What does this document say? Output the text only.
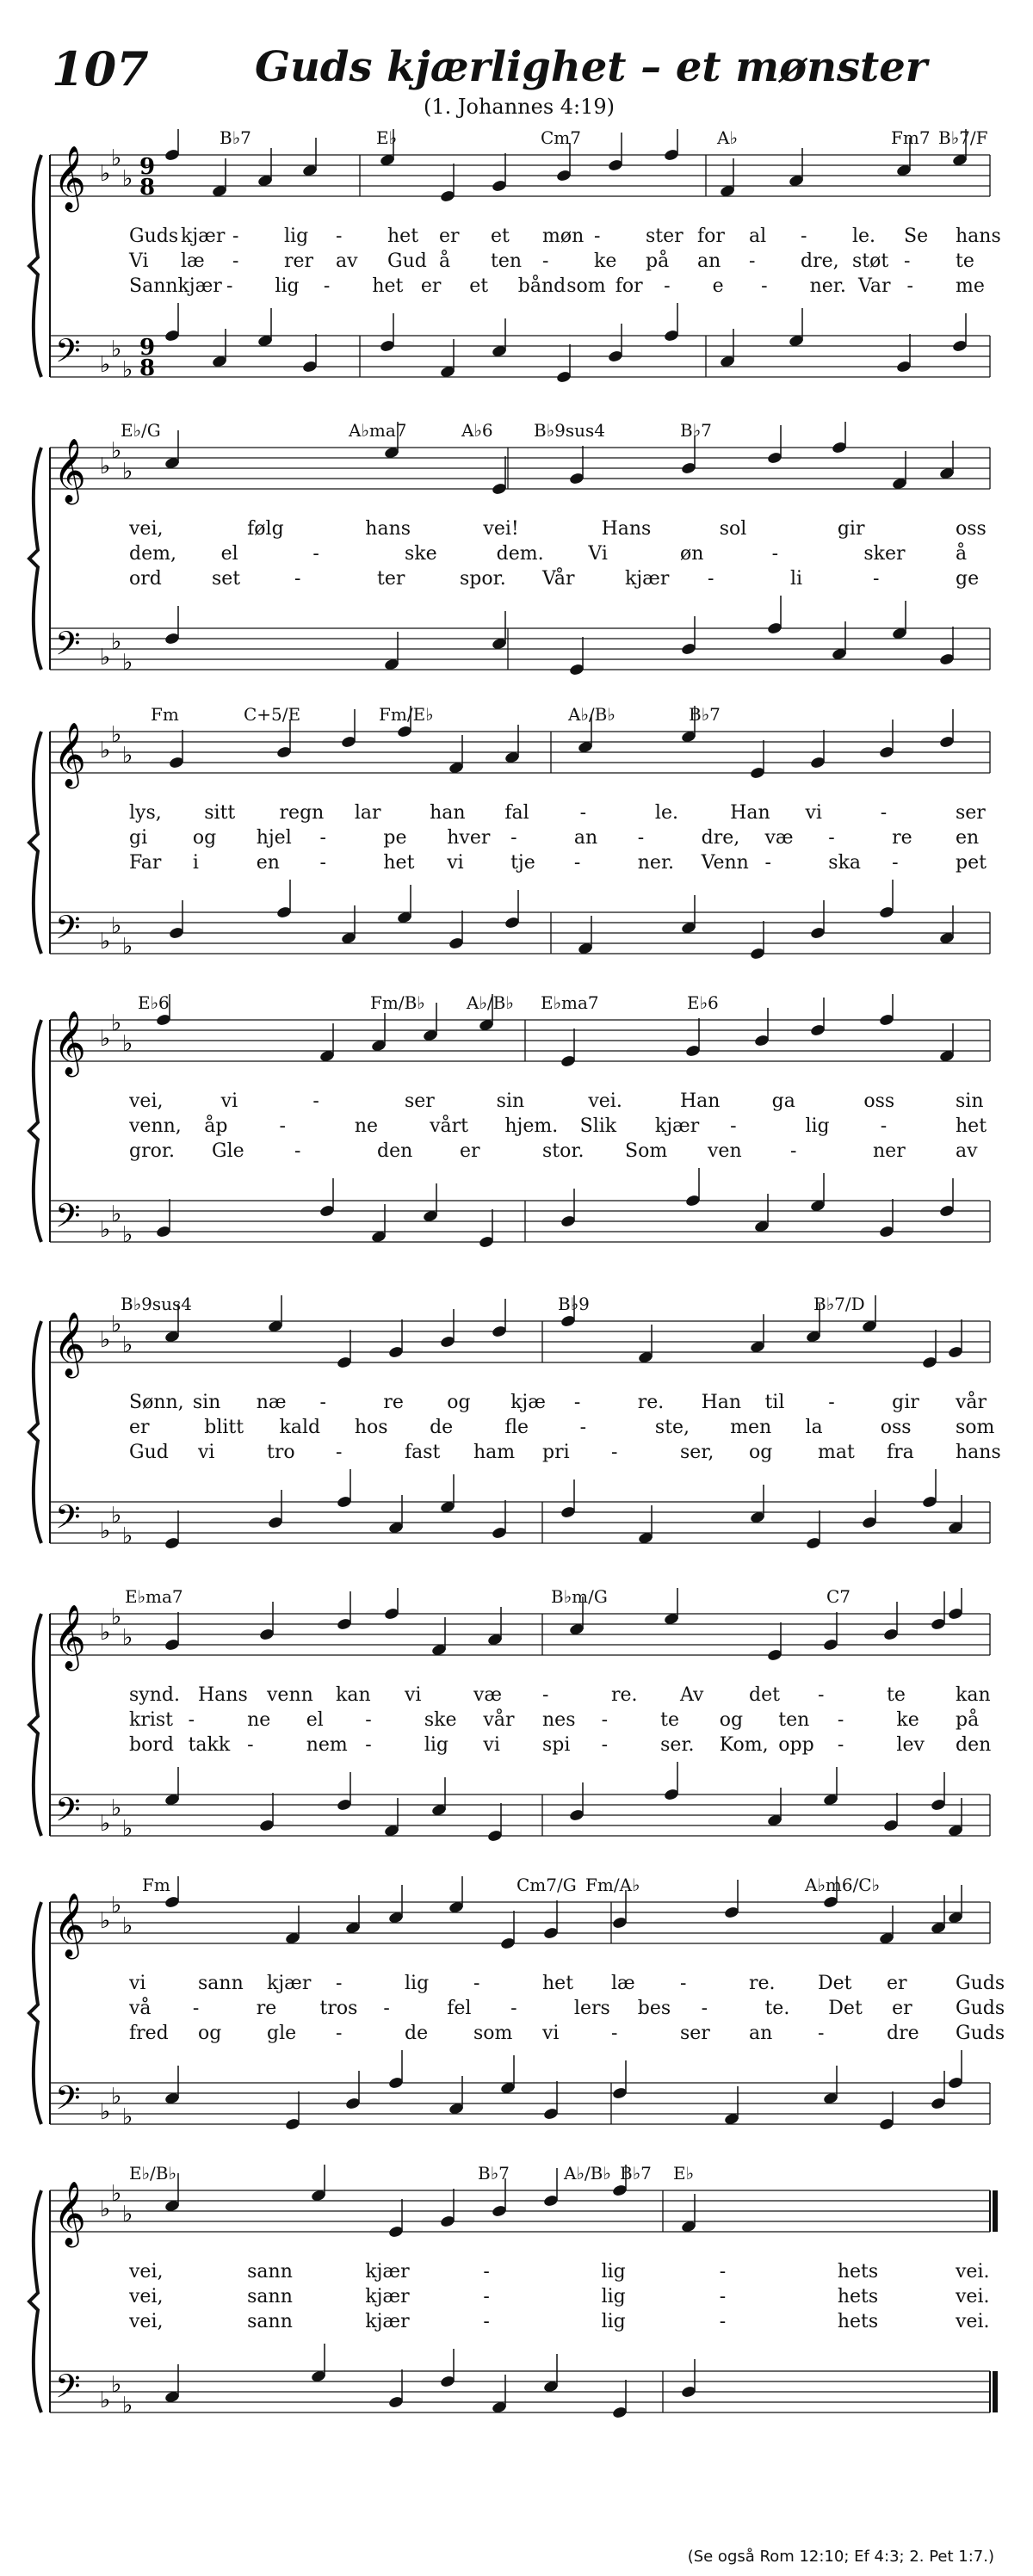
107	Guds kjærlighet – et mønster
(1. Johannes 4:19)
𝄞
𝄢
♭
♭
♭
♭
♭
♭
9
8
9
8
B♭7	E♭	Cm7	A♭	Fm7 B♭7/F
Guds kjær - lig - het er et møn - ster for al - le. Se hans
Vi læ - rer av Gud å ten - ke på an - dre, støt - te
Sann kjær - lig - het er et bånd som for - e - ner. Var - me
𝄞
𝄢
♭
♭
♭
♭
♭
♭
E♭/G	A♭ma7	A♭6 B♭9sus4	B♭7
vei,	følg	hans	vei!	Hans	sol	gir	oss
dem, el	-	ske	dem. Vi	øn	-	sker	å
ord	set	-	ter	spor. Vår	kjær -	li	-	ge
𝄞
𝄢
♭
♭
♭
♭
♭
♭
Fm	C+5/E	Fm/E♭	A♭/B♭	B♭7
lys, sitt regn lar	han fal	-	le.	Han vi	-	ser
gi og hjel -	pe hver -	an -	dre, væ -	re en
Far i	en -	het vi tje -	ner. Venn -	ska -	pet
𝄞
𝄢
♭
♭
♭
♭
♭
♭
E♭6	Fm/B♭ A♭/B♭ E♭ma7	E♭6
vei,	vi	-	ser	sin	vei.	Han	ga	oss	sin
venn, åp	-	ne	vårt hjem. Slik kjær -	lig	-	het
gror. Gle	-	den er	stor. Som ven	-	ner	av
𝄞
𝄢
♭
♭
♭
♭
♭
♭
B♭9sus4	B♭9	B♭7/D
Sønn, sin næ -	re og kjæ -	re. Han til -	gir vår
er	blitt kald hos de	fle	-	ste, men la	oss som
Gud vi	tro -	fast ham pri -	ser, og mat fra hans
𝄞
𝄢
♭
♭
♭
♭
♭
♭
E♭ma7	B♭m/G	C7
synd. Hans venn kan vi	væ -	re. Av det -	te	kan
krist -	ne el -	ske vår nes -	te og ten -	ke på
bord takk -	nem -	lig vi spi -	ser. Kom, opp -	lev den
𝄞
𝄢
♭
♭
♭
♭
♭
♭
Fm	Cm7/G Fm/A♭	A♭m6/C♭
vi	sann kjær -	lig -	het læ -	re. Det er	Guds
vå -	re tros -	fel -	lers bes -	te. Det er Guds
fred og gle -	de som vi	-	ser an -	dre Guds
𝄞
𝄢
♭
♭
♭
♭
♭
♭
E♭/B♭	B♭7	A♭/B♭ B♭7 E♭
vei,	sann	kjær	-	lig	-	hets	vei.
vei,	sann	kjær	-	lig	-	hets	vei.
vei,	sann	kjær	-	lig	-	hets	vei.
(Se også Rom 12:10; Ef 4:3; 2. Pet 1:7.)
